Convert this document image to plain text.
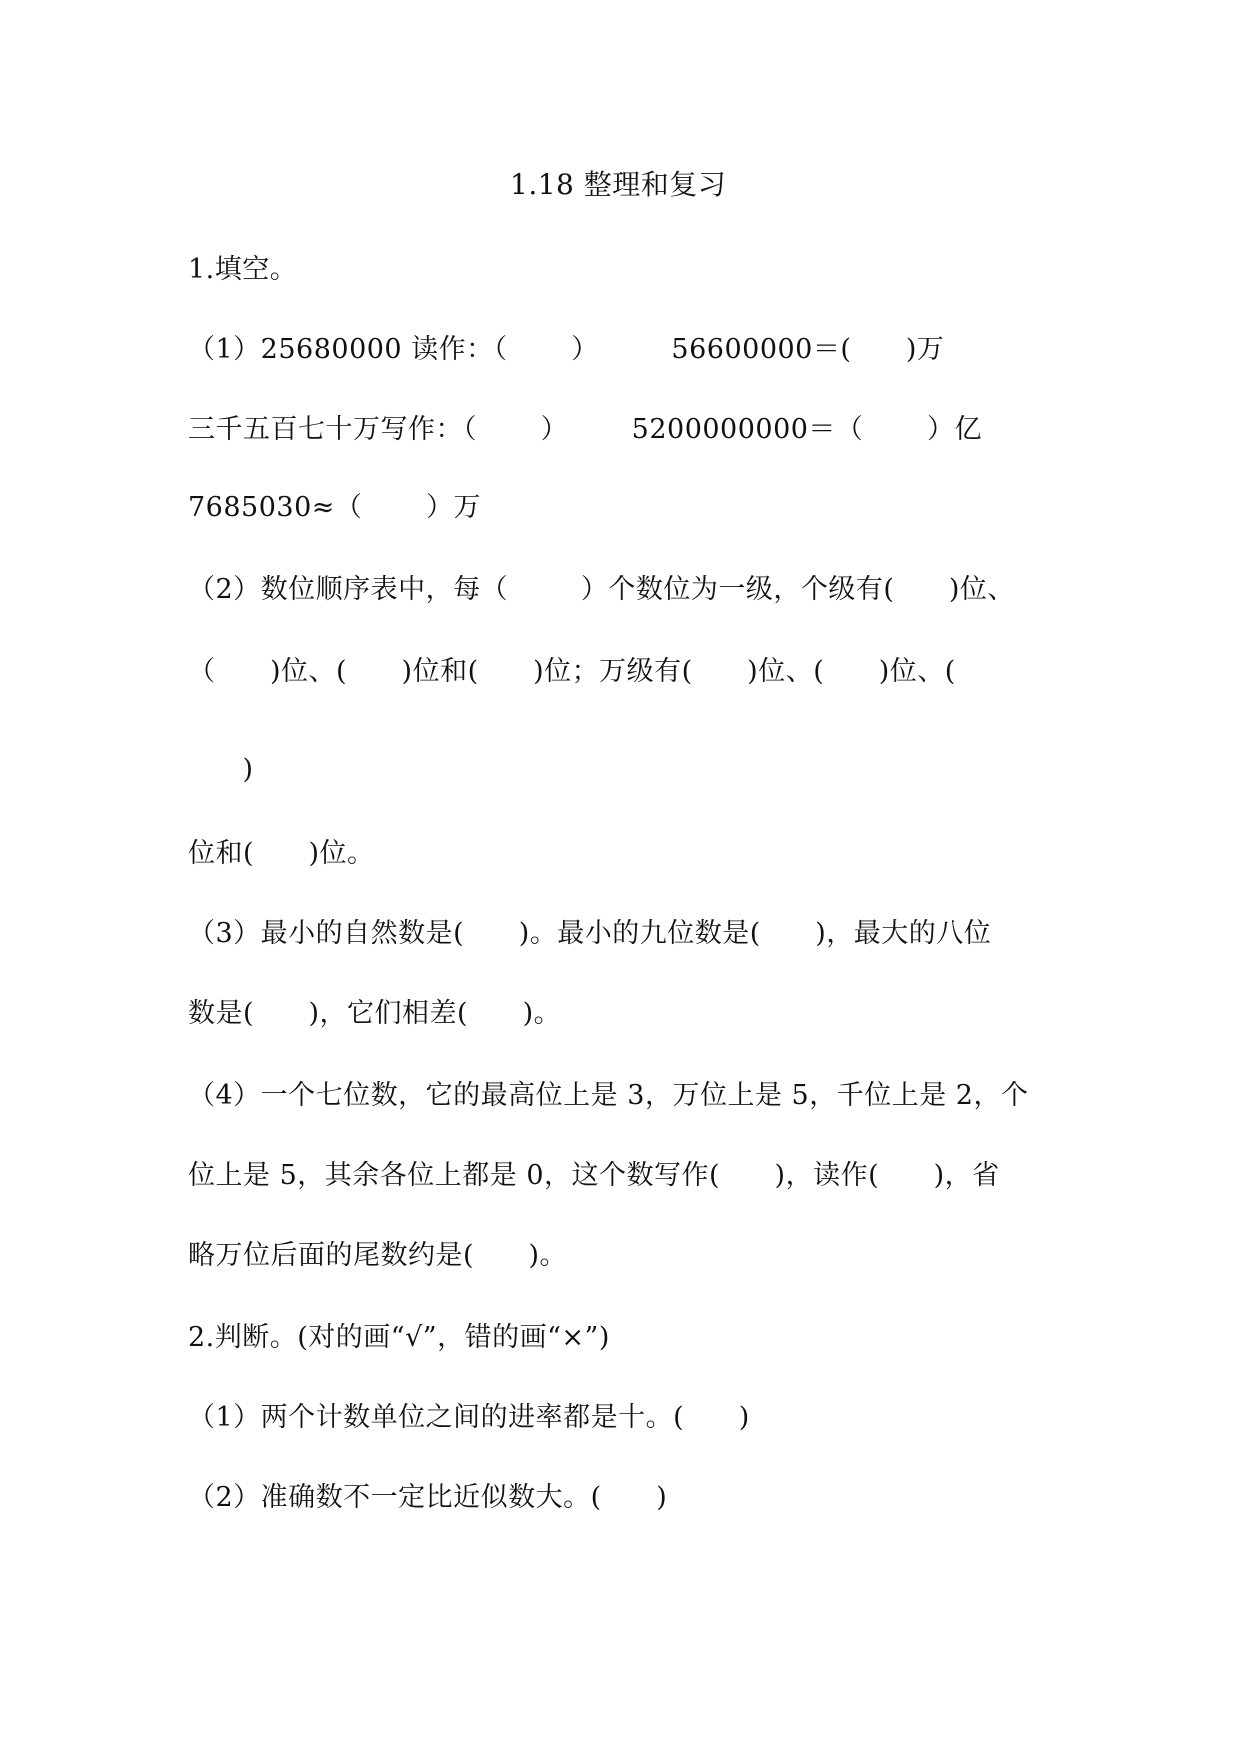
1.18 整理和复习
1.填空。
（1）25680000 读作：（       ）        56600000＝(      )万
三千五百七十万写作：（       ）       5200000000＝（       ）亿
7685030≈（       ）万
（2）数位顺序表中，每（        ）个数位为一级，个级有(      )位、
（      )位、(      )位和(      )位；万级有(      )位、(      )位、(
)
位和(      )位。
（3）最小的自然数是(      )。最小的九位数是(      )，最大的八位
数是(      )，它们相差(      )。
（4）一个七位数，它的最高位上是 3，万位上是 5，千位上是 2，个
位上是 5，其余各位上都是 0，这个数写作(      )，读作(      )，省
略万位后面的尾数约是(      )。
2.判断。(对的画“√”，错的画“×”)
（1）两个计数单位之间的进率都是十。(      )
（2）准确数不一定比近似数大。(      )
